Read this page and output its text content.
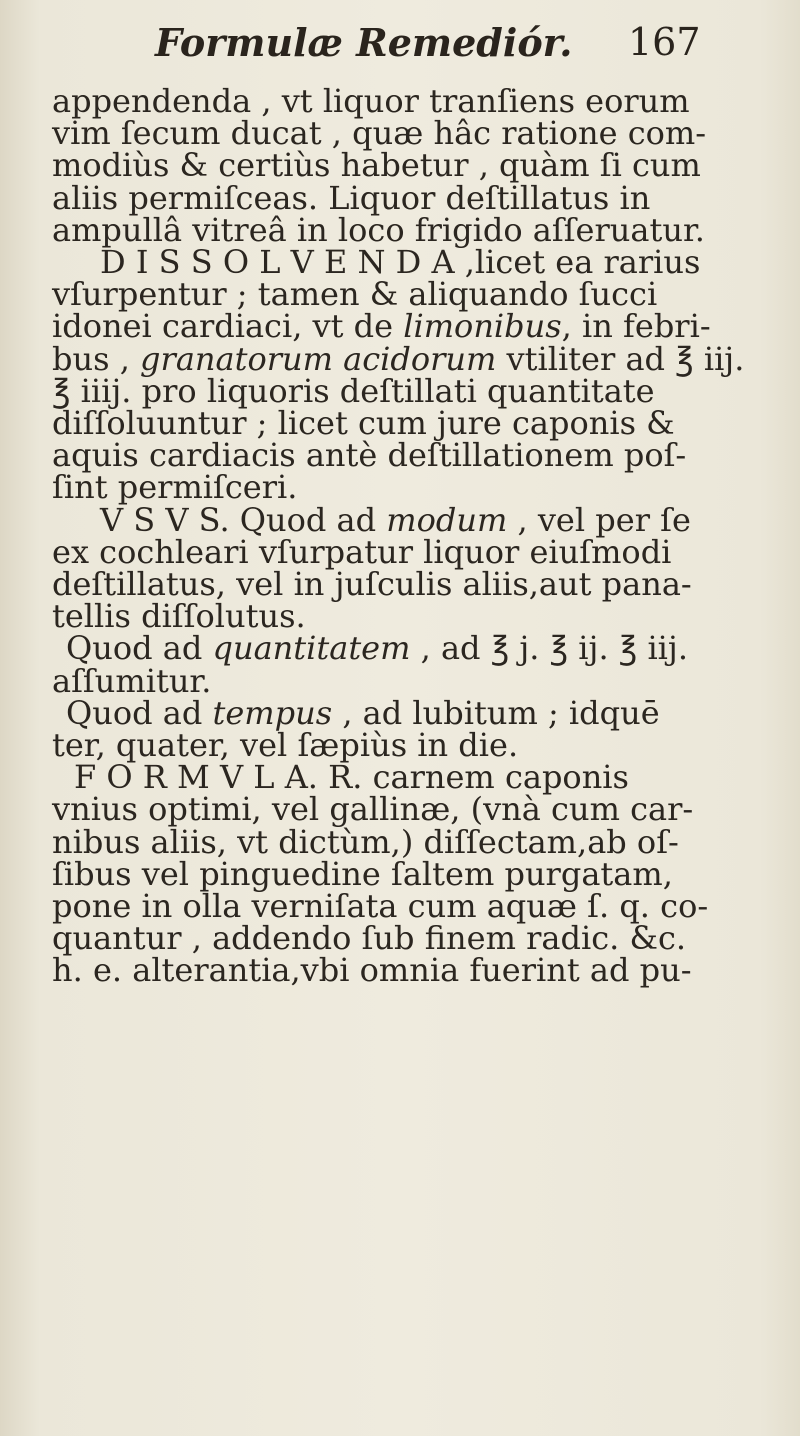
Formulæ Remediór. 167
appendenda , vt liquor tranſiens eorum
vim ſecum ducat , quæ hâc ratione com-
modiùs & certiùs habetur , quàm ſi cum
aliis permiſceas. Liquor deſtillatus in
ampullâ vitreâ in loco frigido aſſeruatur.
D I S S O L V E N D A ,licet ea rarius
vſurpentur ; tamen & aliquando ſucci
idonei cardiaci, vt de limonibus, in febri-
bus , granatorum acidorum vtiliter ad ℥ iij.
℥ iiij. pro liquoris deſtillati quantitate
diſſoluuntur ; licet cum jure caponis &
aquis cardiacis antè deſtillationem poſ-
ſint permiſceri.
V S V S. Quod ad modum , vel per ſe
ex cochleari vſurpatur liquor eiuſmodi
deſtillatus, vel in juſculis aliis,aut pana-
tellis diſſolutus.
Quod ad quantitatem , ad ℥ j. ℥ ij. ℥ iij.
aſſumitur.
Quod ad tempus , ad lubitum ; idquē
ter, quater, vel ſæpiùs in die.
F O R M V L A. R. carnem caponis
vnius optimi, vel gallinæ, (vnà cum car-
nibus aliis, vt dictùm,) diſſectam,ab oſ-
ſibus vel pinguedine ſaltem purgatam,
pone in olla verniſata cum aquæ ſ. q. co-
quantur , addendo ſub finem radic. &c.
h. e. alterantia,vbi omnia fuerint ad pu-
